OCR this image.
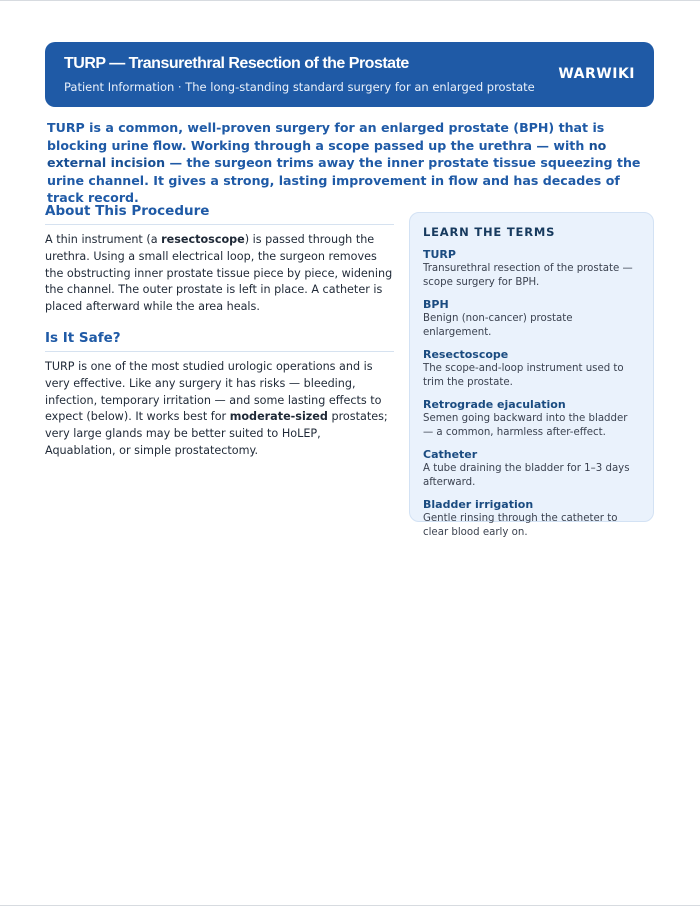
TURP — Transurethral Resection of the Prostate
Patient Information · The long-standing standard surgery for an enlarged prostate
WARWIKI

TURP is a common, well-proven surgery for an enlarged prostate (BPH) that is blocking urine flow. Working through a scope passed up the urethra — with no external incision — the surgeon trims away the inner prostate tissue squeezing the urine channel. It gives a strong, lasting improvement in flow and has decades of track record.

About This Procedure

A thin instrument (a resectoscope) is passed through the urethra. Using a small electrical loop, the surgeon removes the obstructing inner prostate tissue piece by piece, widening the channel. The outer prostate is left in place. A catheter is placed afterward while the area heals.

Is It Safe?

TURP is one of the most studied urologic operations and is very effective. Like any surgery it has risks — bleeding, infection, temporary irritation — and some lasting effects to expect (below). It works best for moderate-sized prostates; very large glands may be better suited to HoLEP, Aquablation, or simple prostatectomy.

LEARN THE TERMS
TURP
Transurethral resection of the prostate — scope surgery for BPH.
BPH
Benign (non-cancer) prostate enlargement.
Resectoscope
The scope-and-loop instrument used to trim the prostate.
Retrograde ejaculation
Semen going backward into the bladder — a common, harmless after-effect.
Catheter
A tube draining the bladder for 1–3 days afterward.
Bladder irrigation
Gentle rinsing through the catheter to clear blood early on.
